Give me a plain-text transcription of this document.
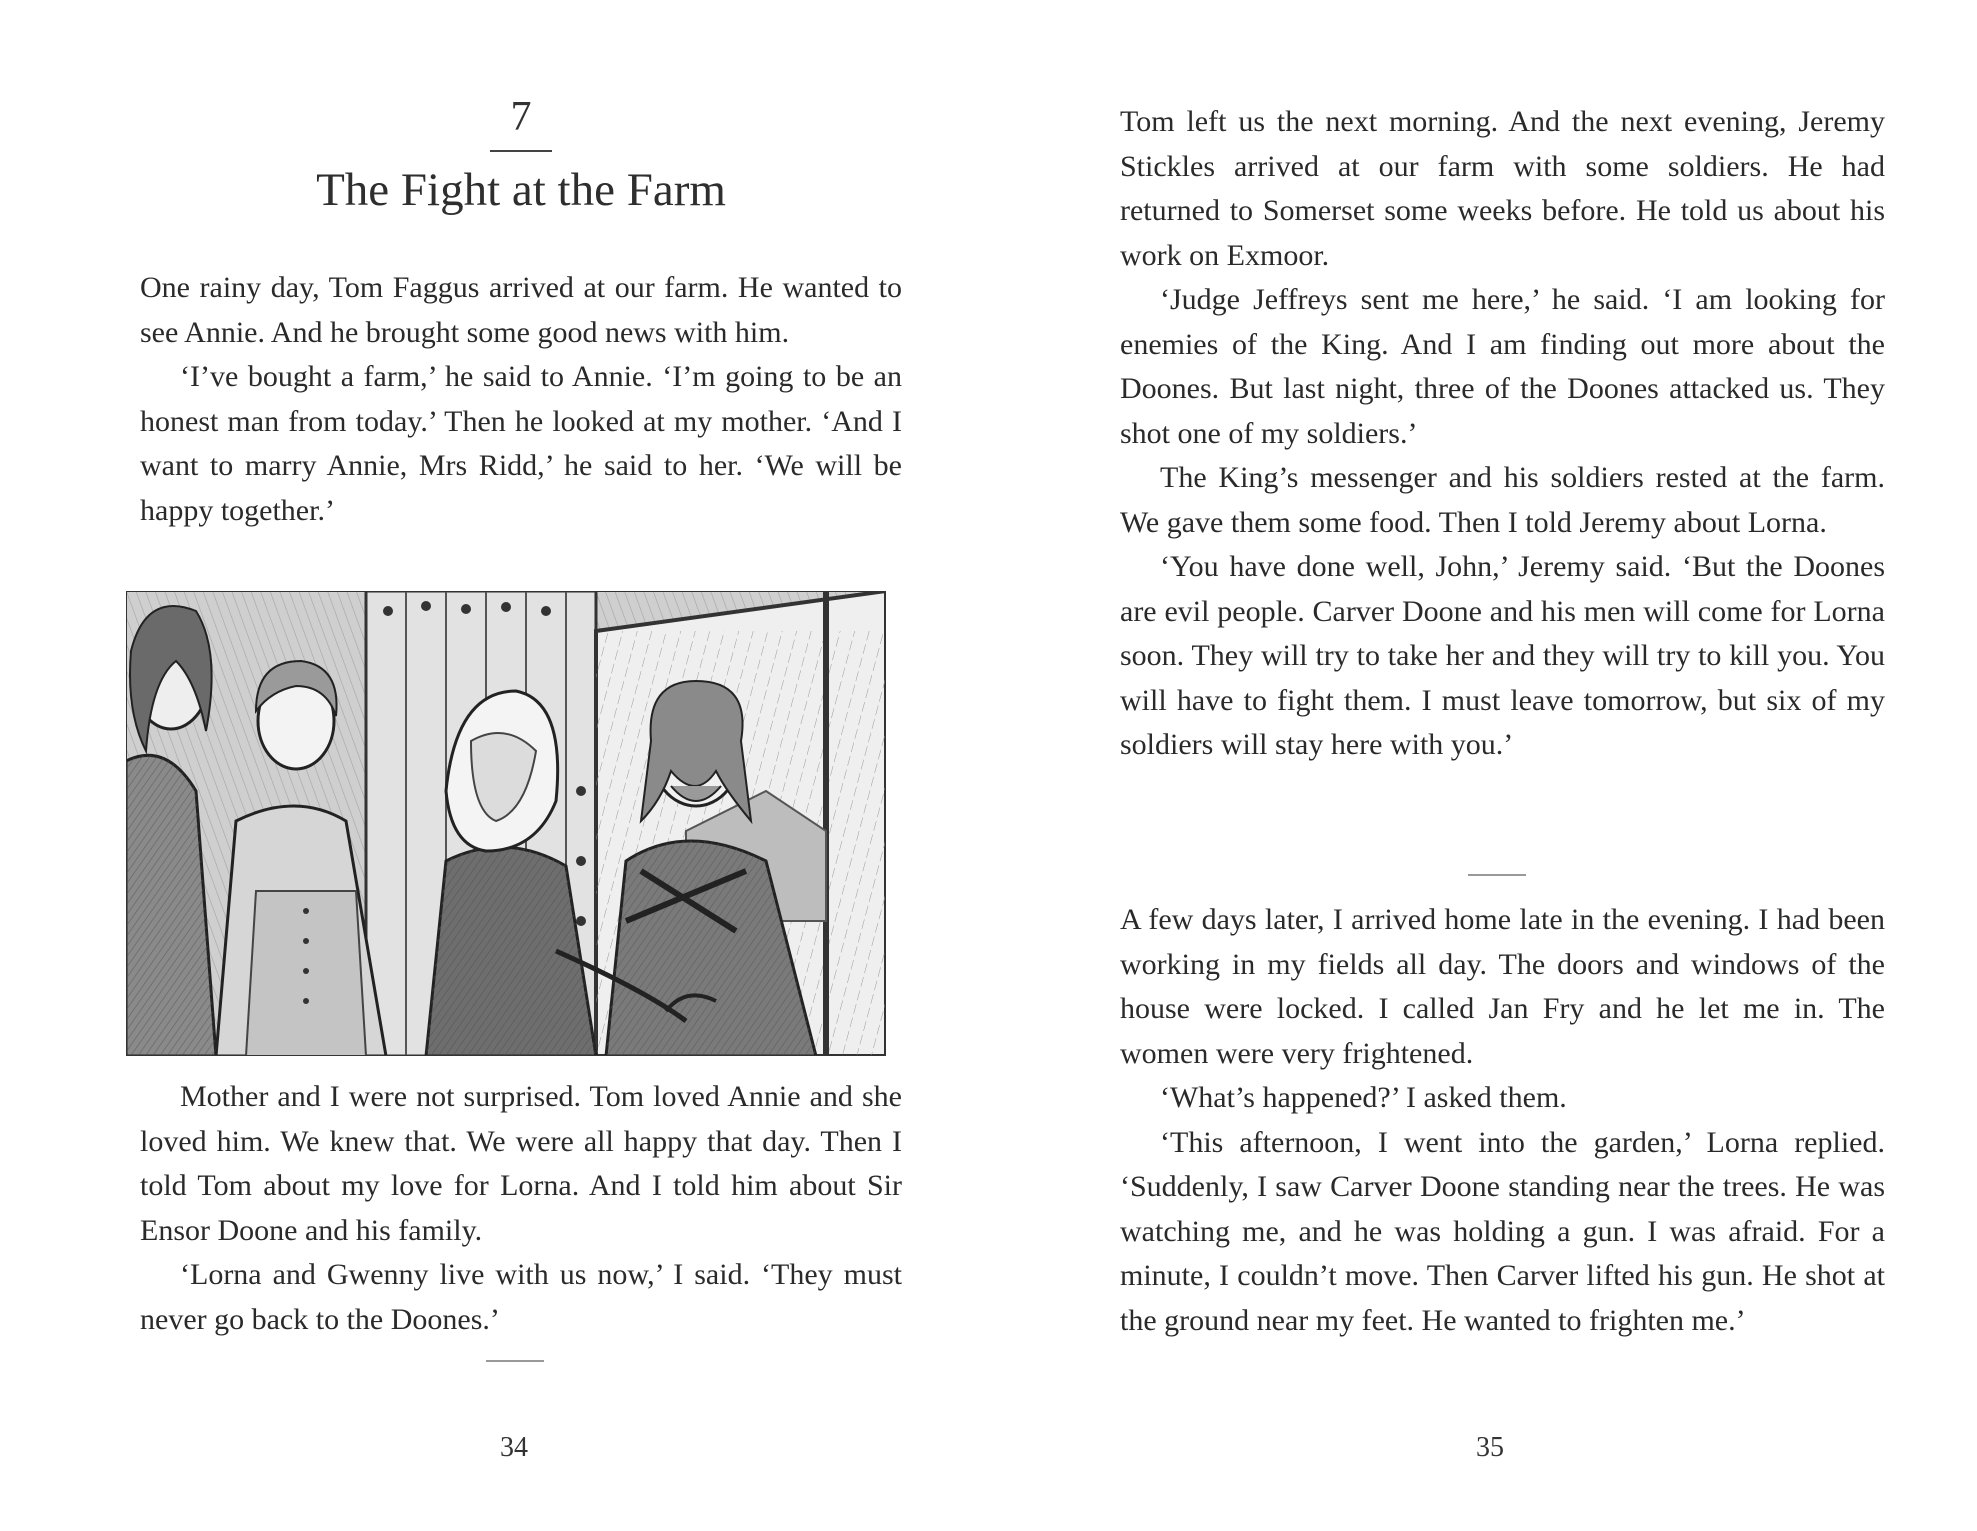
7
The Fight at the Farm

One rainy day, Tom Faggus arrived at our farm. He wanted to see Annie. And he brought some good news with him.

‘I’ve bought a farm,’ he said to Annie. ‘I’m going to be an honest man from today.’ Then he looked at my mother. ‘And I want to marry Annie, Mrs Ridd,’ he said to her. ‘We will be happy together.’

Mother and I were not surprised. Tom loved Annie and she loved him. We knew that. We were all happy that day. Then I told Tom about my love for Lorna. And I told him about Sir Ensor Doone and his family.

‘Lorna and Gwenny live with us now,’ I said. ‘They must never go back to the Doones.’

34

Tom left us the next morning. And the next evening, Jeremy Stickles arrived at our farm with some soldiers. He had returned to Somerset some weeks before. He told us about his work on Exmoor.

‘Judge Jeffreys sent me here,’ he said. ‘I am looking for enemies of the King. And I am finding out more about the Doones. But last night, three of the Doones attacked us. They shot one of my soldiers.’

The King’s messenger and his soldiers rested at the farm. We gave them some food. Then I told Jeremy about Lorna.

‘You have done well, John,’ Jeremy said. ‘But the Doones are evil people. Carver Doone and his men will come for Lorna soon. They will try to take her and they will try to kill you. You will have to fight them. I must leave tomorrow, but six of my soldiers will stay here with you.’

A few days later, I arrived home late in the evening. I had been working in my fields all day. The doors and windows of the house were locked. I called Jan Fry and he let me in. The women were very frightened.

‘What’s happened?’ I asked them.

‘This afternoon, I went into the garden,’ Lorna replied. ‘Suddenly, I saw Carver Doone standing near the trees. He was watching me, and he was holding a gun. I was afraid. For a minute, I couldn’t move. Then Carver lifted his gun. He shot at the ground near my feet. He wanted to frighten me.’

35
